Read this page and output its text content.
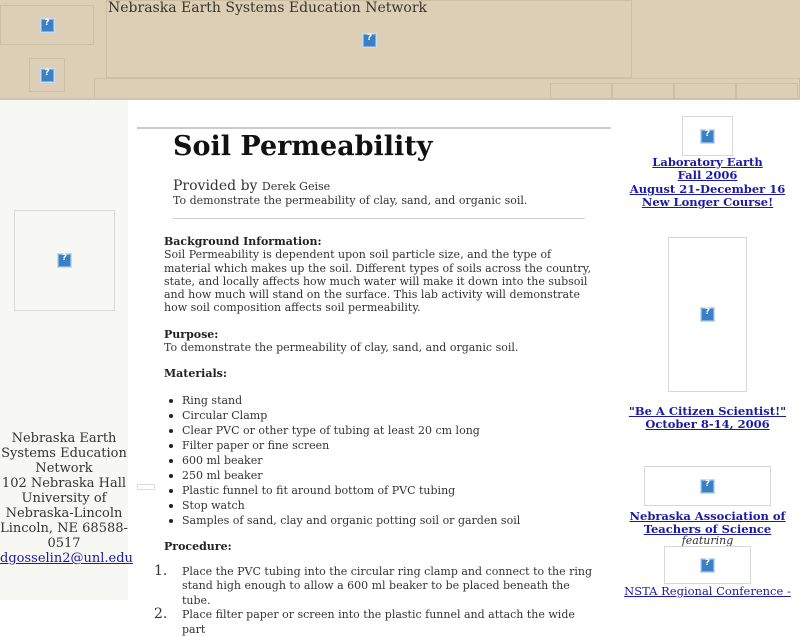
?
?
?
Nebraska Earth Systems Education Network
?
Nebraska Earth
Systems Education
Network
102 Nebraska Hall
University of
Nebraska-Lincoln
Lincoln, NE 68588-
0517
dgosselin2@unl.edu
Soil Permeability
Provided by Derek Geise
To demonstrate the permeability of clay, sand, and organic soil.

Background Information:
Soil Permeability is dependent upon soil particle size, and the type of material which makes up the soil. Different types of soils across the country, state, and locally affects how much water will make it down into the subsoil and how much will stand on the surface. This lab activity will demonstrate how soil composition affects soil permeability.

Purpose:
To demonstrate the permeability of clay, sand, and organic soil.

Materials:
Ring stand
Circular Clamp
Clear PVC or other type of tubing at least 20 cm long
Filter paper or fine screen
600 ml beaker
250 ml beaker
Plastic funnel to fit around bottom of PVC tubing
Stop watch
Samples of sand, clay and organic potting soil or garden soil
Procedure:
1. Place the PVC tubing into the circular ring clamp and connect to the ring stand high enough to allow a 600 ml beaker to be placed beneath the tube.
2. Place filter paper or screen into the plastic funnel and attach the wide part
?
Laboratory Earth
Fall 2006
August 21-December 16
New Longer Course!
?
"Be A Citizen Scientist!"
October 8-14, 2006
?
Nebraska Association of
Teachers of Science
featuring
?
NSTA Regional Conference -
